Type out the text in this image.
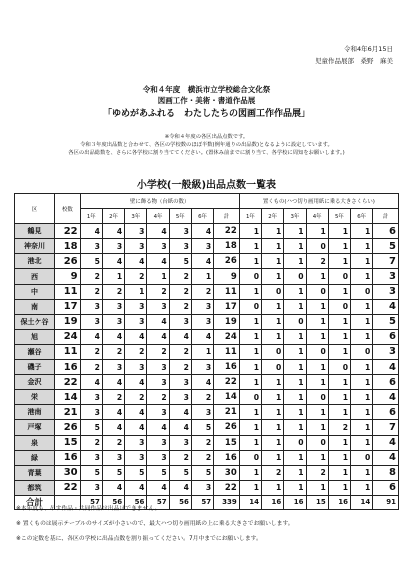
令和4年6月15日
児童作品展部　桑野　麻美
令和４年度　横浜市立学校総合文化祭
図画工作・美術・書道作品展
「ゆめがあふれる　わたしたちの図画工作作品展」
※令和４年度の各区出品点数です。
令和３年度出品数と合わせて、各区の学校数のほぼ半数(例年通りの出品数)となるように設定しています。
各区の出品総数を、さらに各学校に割り当ててください。(置休み前までに割り当て、各学校に周知をお願いします。)
小学校(一般級)出品点数一覧表
区	校数	壁に飾る物（台紙の数）							置くもの(ハつ切り画用紙に乗る大きさくらい)						
		1年	2年	3年	4年	5年	6年	計	1年	2年	3年	4年	5年	6年	計
鶴見	22	4	4	3	4	3	4	22	1	1	1	1	1	1	6
神奈川	18	3	3	3	3	3	3	18	1	1	1	0	1	1	5
港北	26	5	4	4	4	5	4	26	1	1	1	2	1	1	7
西	9	2	1	2	1	2	1	9	0	1	0	1	0	1	3
中	11	2	2	1	2	2	2	11	1	0	1	0	1	0	3
南	17	3	3	3	3	2	3	17	0	1	1	1	0	1	4
保土ケ谷	19	3	3	3	4	3	3	19	1	1	0	1	1	1	5
旭	24	4	4	4	4	4	4	24	1	1	1	1	1	1	6
瀬谷	11	2	2	2	2	2	1	11	1	0	1	0	1	0	3
磯子	16	2	3	3	3	2	3	16	1	0	1	1	0	1	4
金沢	22	4	4	4	3	3	4	22	1	1	1	1	1	1	6
栄	14	3	2	2	2	3	2	14	0	1	1	0	1	1	4
港南	21	3	4	4	3	4	3	21	1	1	1	1	1	1	6
戸塚	26	5	4	4	4	4	5	26	1	1	1	1	2	1	7
泉	15	2	2	3	3	3	2	15	1	1	0	0	1	1	4
緑	16	3	3	3	3	2	2	16	0	1	1	1	1	0	4
青葉	30	5	5	5	5	5	5	30	1	2	1	2	1	1	8
都筑	22	3	4	4	4	4	3	22	1	1	1	1	1	1	6
合計		57	56	56	57	56	57	339	14	16	16	15	16	14	91
※本年度も、吊す作品・共同作品は出品はできません。
※ 置くものは展示テーブルのサイズが小さいので、最大ハつ切り画用紙の上に乗る大きさでお願いします。
※この定数を基に、各区の学校に出品点数を割り振ってください。7月中までにお願いします。
